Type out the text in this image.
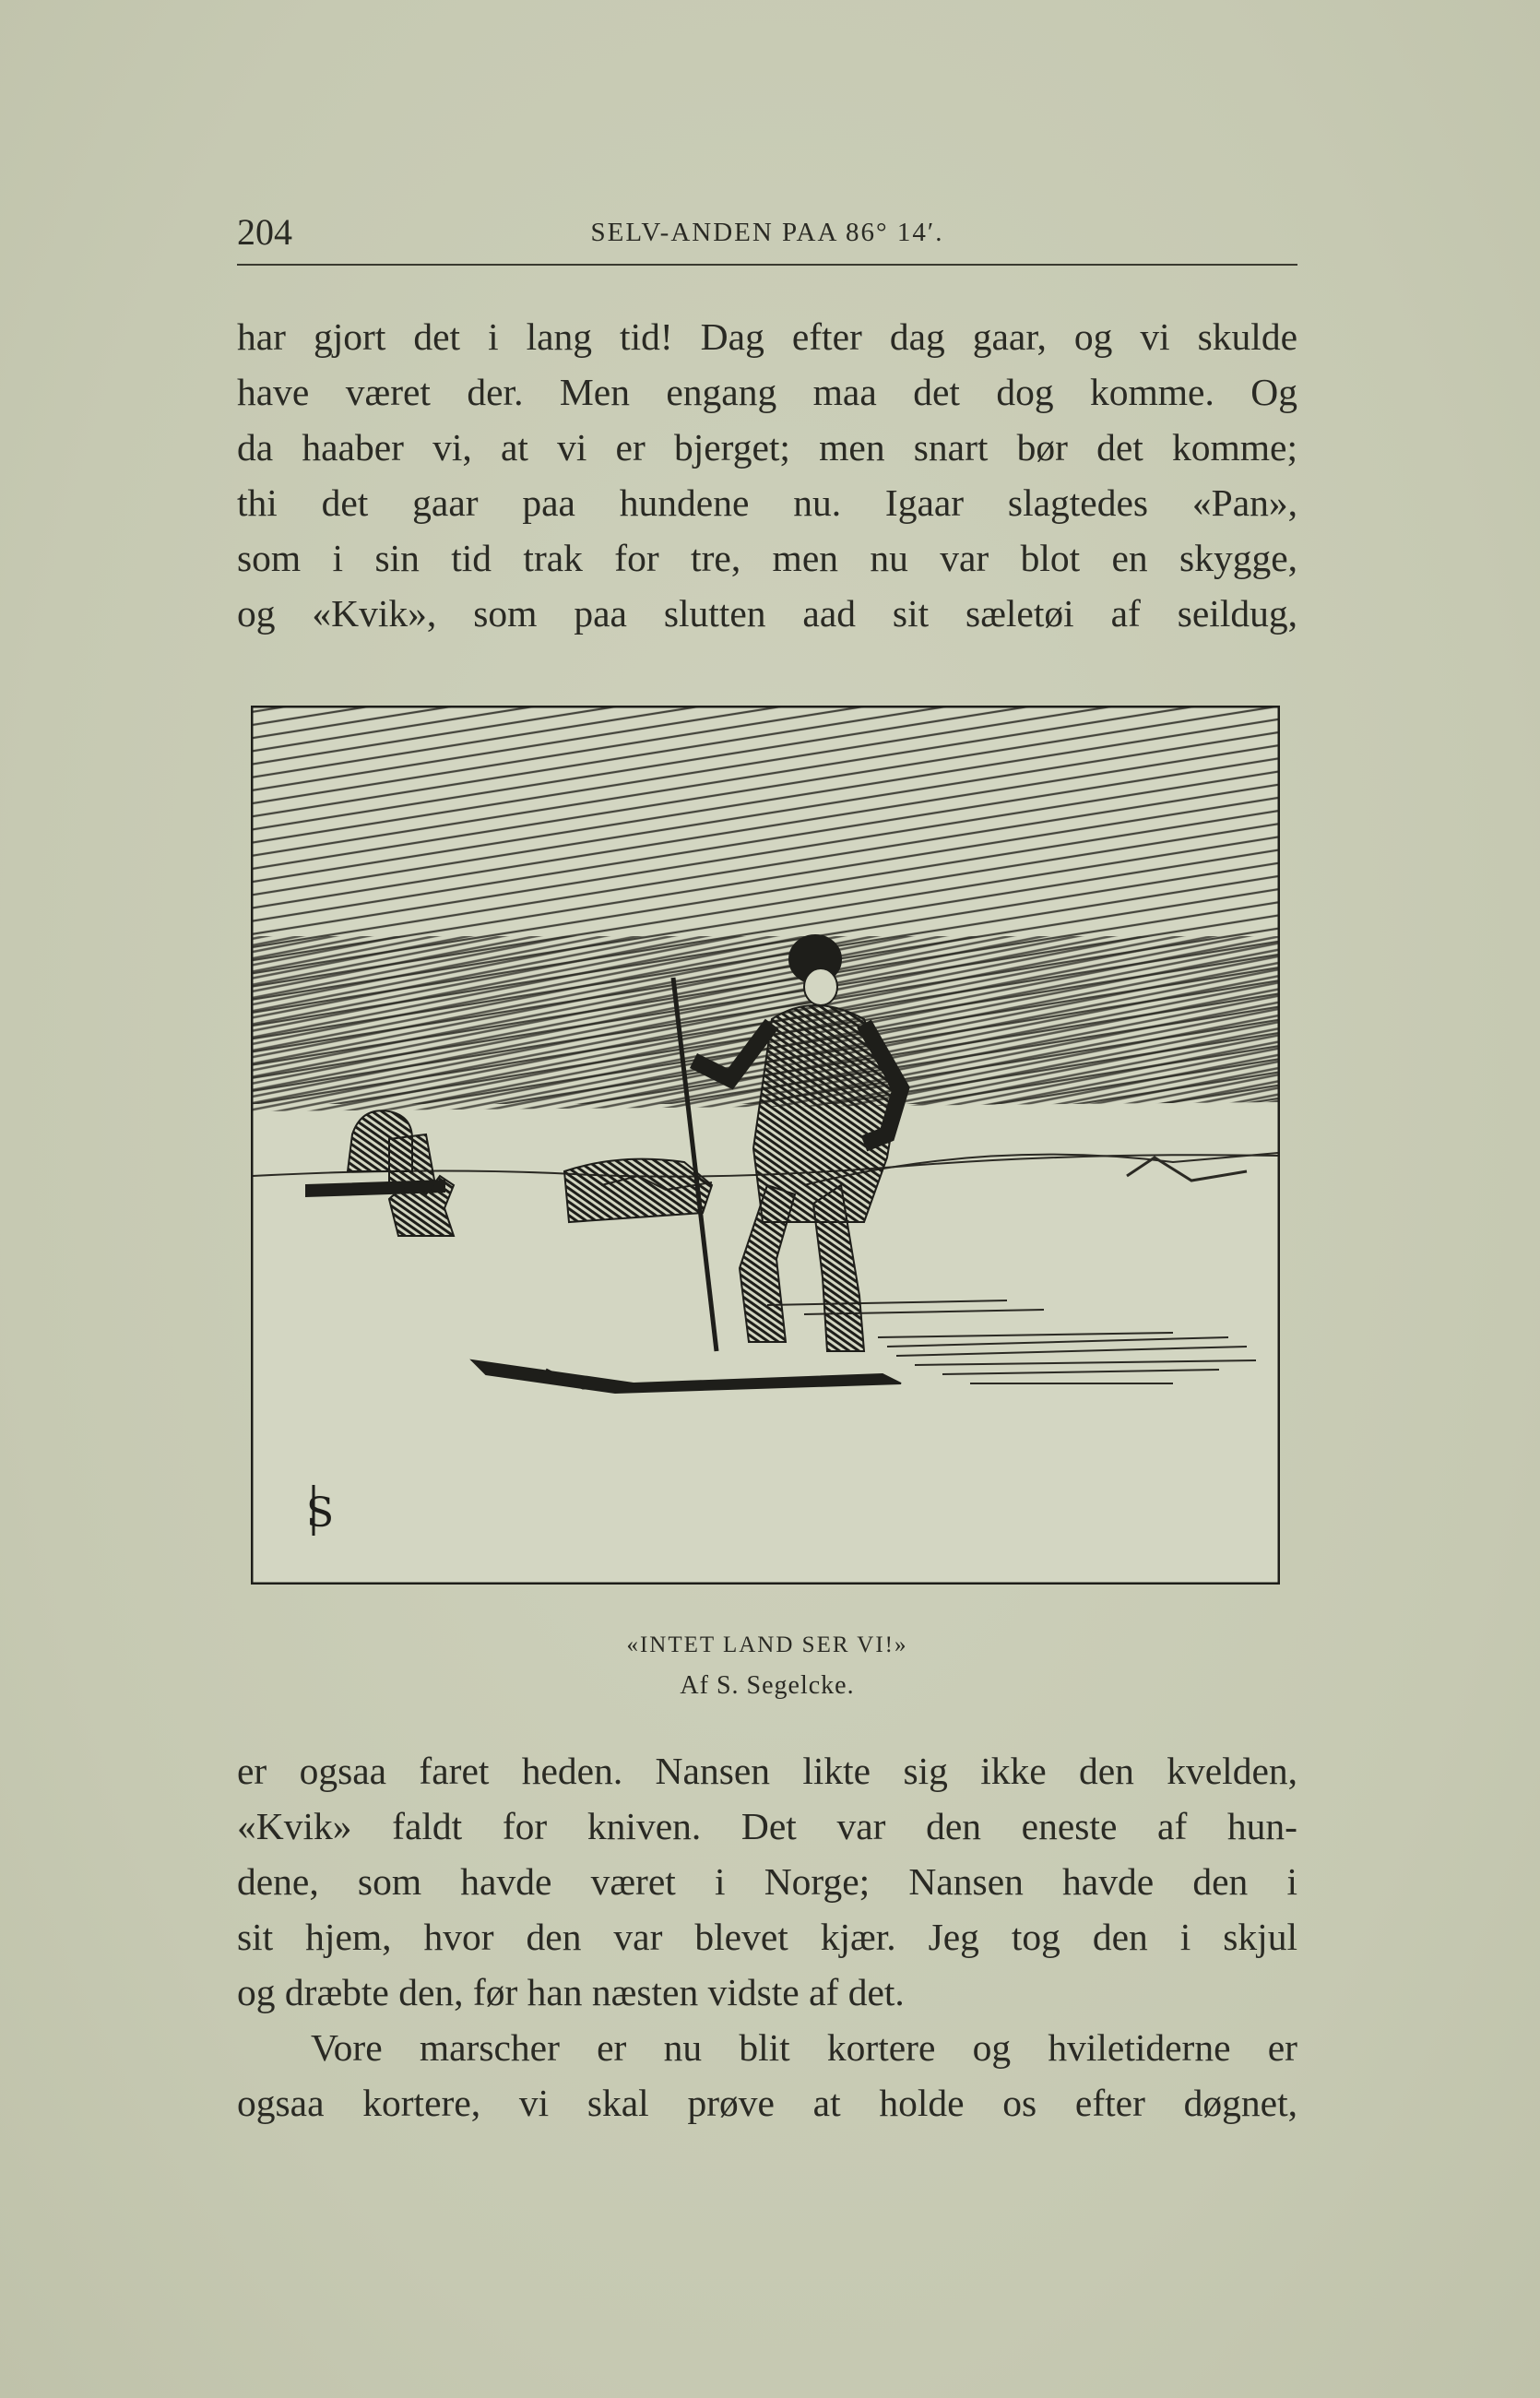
204	SELV-ANDEN PAA 86° 14′.
har gjort det i lang tid! Dag efter dag gaar, og vi skulde
have været der. Men engang maa det dog komme. Og
da haaber vi, at vi er bjerget; men snart bør det komme;
thi det gaar paa hundene nu. Igaar slagtedes «Pan»,
som i sin tid trak for tre, men nu var blot en skygge,
og «Kvik», som paa slutten aad sit sæletøi af seildug,
S
«INTET LAND SER VI!»
Af S. Segelcke.
er ogsaa faret heden. Nansen likte sig ikke den kvelden,
«Kvik» faldt for kniven. Det var den eneste af hun-
dene, som havde været i Norge; Nansen havde den i
sit hjem, hvor den var blevet kjær. Jeg tog den i skjul
og dræbte den, før han næsten vidste af det.
Vore marscher er nu blit kortere og hviletiderne er
ogsaa kortere, vi skal prøve at holde os efter døgnet,
